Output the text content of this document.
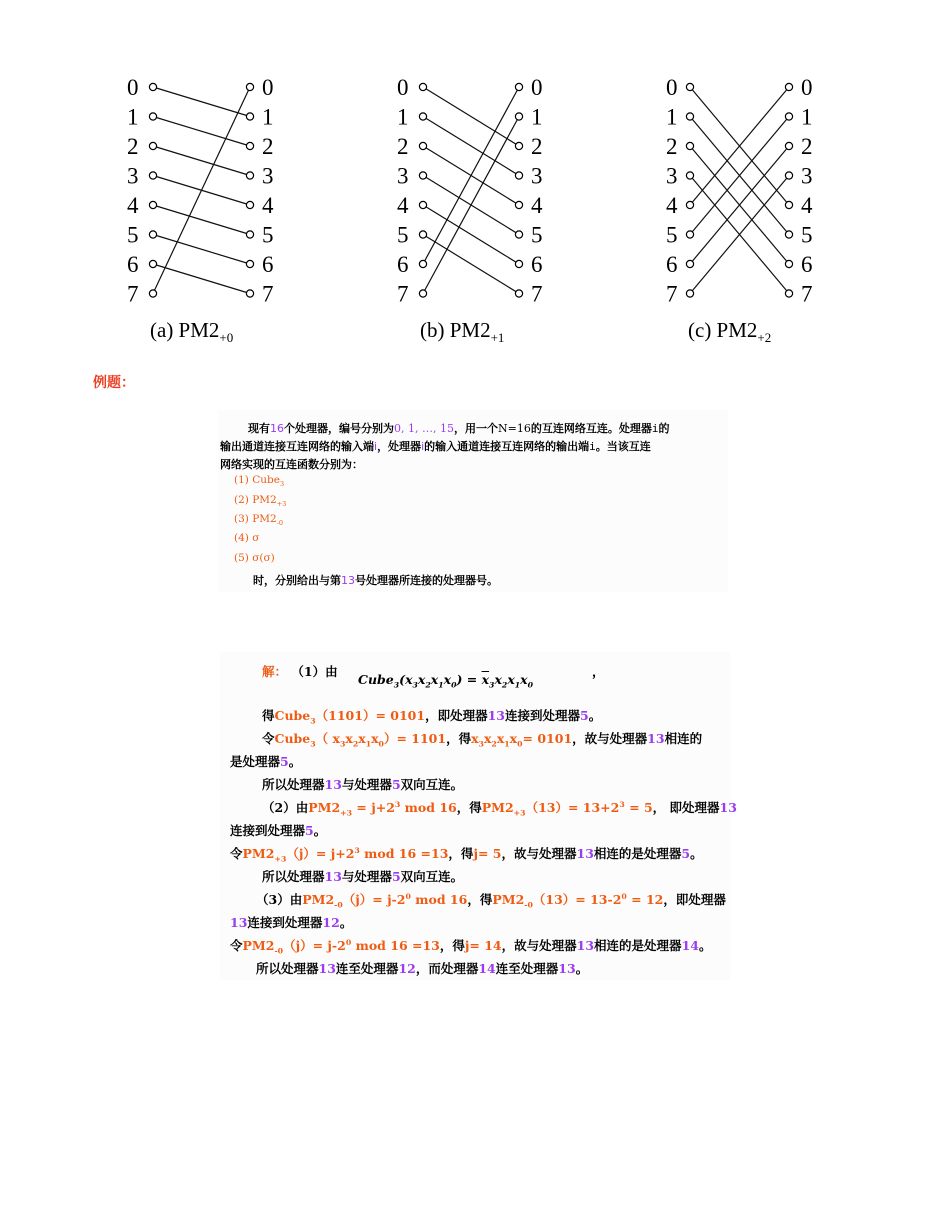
0	0
1	1
2	2
3	3
4	4
5	5
6	6
7	7
(a) $PM2_{+0}$
0	0
1	1
2	2
3	3
4	4
5	5
6	6
7	7
(b) $PM2_{+1}$
0	0
1	1
2	2
3	3
4	4
5	5
6	6
7	7
(c) $PM2_{+2}$
例题：
现有16个处理器，编号分别为0, 1, …, 15，用一个N=16的互连网络互连。处理器i的
输出通道连接互连网络的输入端i，处理器i的输入通道连接互连网络的输出端i。当该互连
网络实现的互连函数分别为：
(1) Cube$_3$
(2) $PM2_{+3}$
(3) $PM2_{-0}$
(4) σ
(5) σ(σ)
时，分别给出与第13号处理器所连接的处理器号。
解： （1）由
$Cube_3(x_3x_2x_1x_0) = \overline{x}_3x_2x_1x_0$
，
得Cube$_3$（1101）= 0101，即处理器13连接到处理器5。
令Cube$_3$（ $x_3x_2x_1x_0)= 1101$，得$x_3x_2x_1x_0= 0101$，故与处理器13相连的
是处理器5。
所以处理器13与处理器5双向互连。
（2）由$PM2_{+3} = j+2^3$ mod 16，得$PM2_{+3}(13)= 13+2^3 = 5$， 即处理器13
连接到处理器5。
令$PM2_{+3}(j)= j+2^3$ mod 16 =13，得j= 5，故与处理器13相连的是处理器5。
所以处理器13与处理器5双向互连。
（3）由$PM2_{-0}(j)= j-2^0$ mod 16，得$PM2_{-0}(13)= 13-2^0 = 12$，即处理器
13连接到处理器12。
令$PM2_{-0}(j)= j-2^0$ mod 16 =13，得j= 14，故与处理器13相连的是处理器14。
所以处理器13连至处理器12，而处理器14连至处理器13。
